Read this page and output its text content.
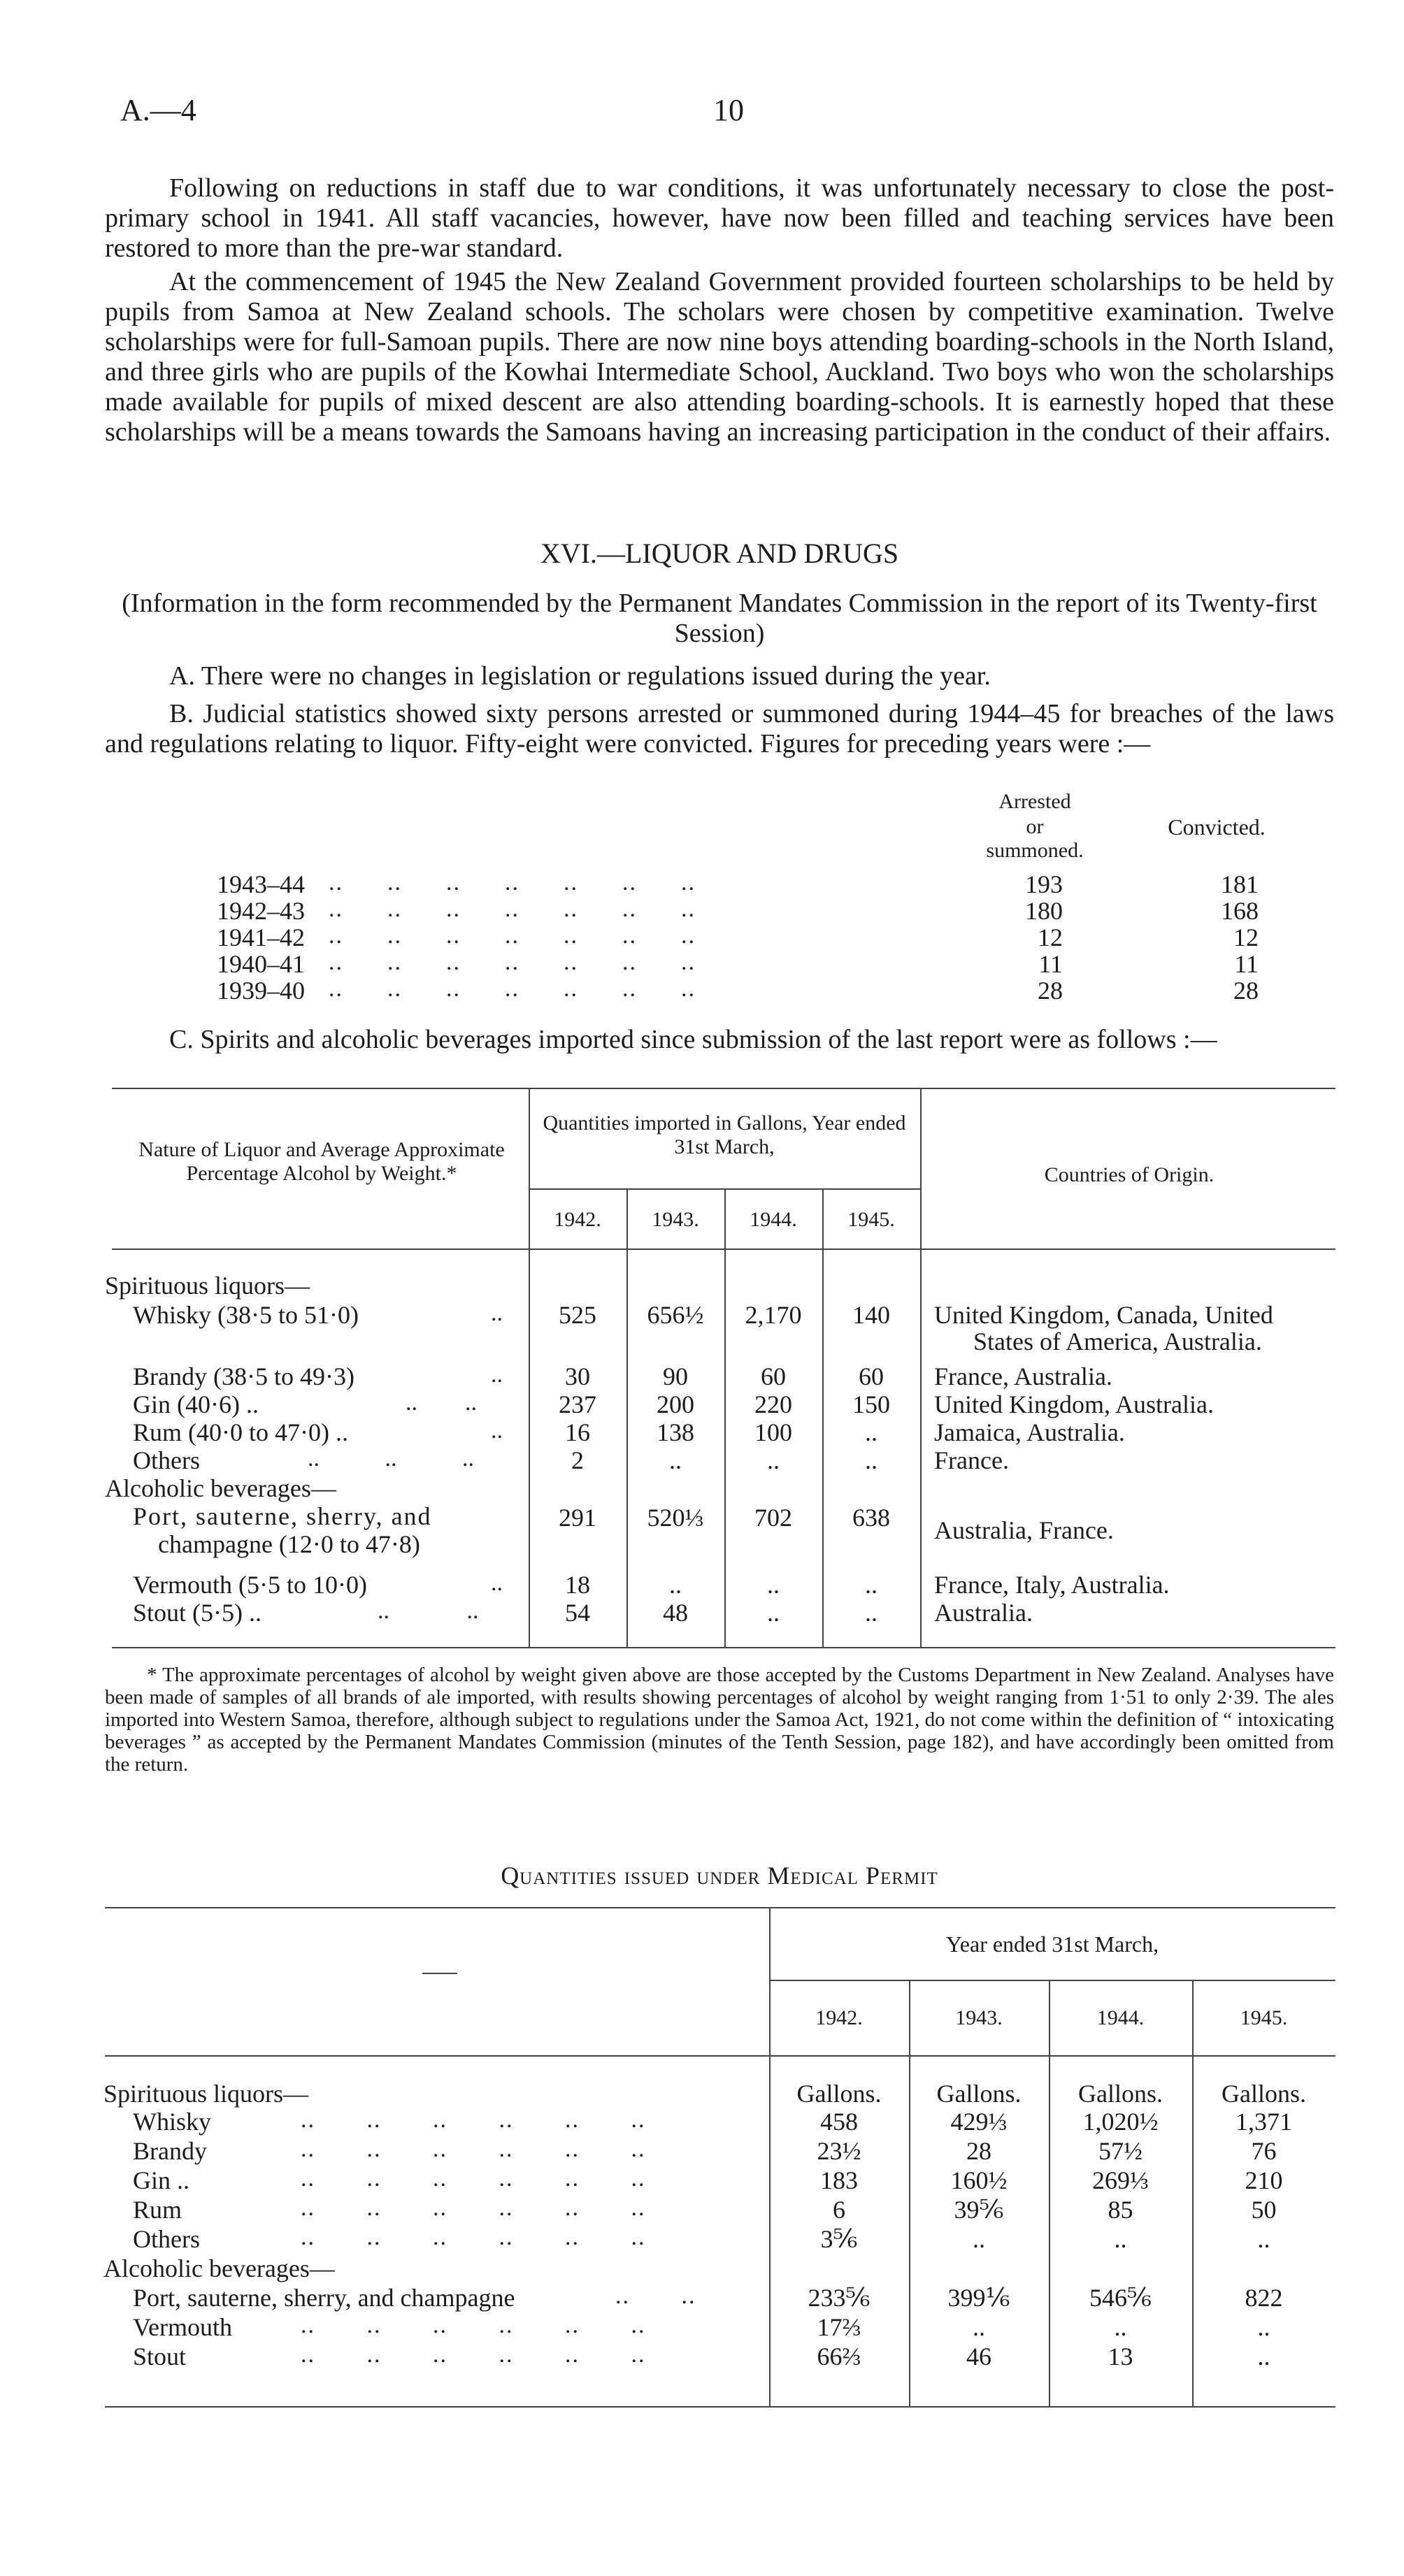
A.—4	10

Following on reductions in staff due to war conditions, it was unfortunately necessary to close the post-primary school in 1941. All staff vacancies, however, have now been filled and teaching services have been restored to more than the pre-war standard.

At the commencement of 1945 the New Zealand Government provided fourteen scholarships to be held by pupils from Samoa at New Zealand schools. The scholars were chosen by competitive examination. Twelve scholarships were for full-Samoan pupils. There are now nine boys attending boarding-schools in the North Island, and three girls who are pupils of the Kowhai Intermediate School, Auckland. Two boys who won the scholarships made available for pupils of mixed descent are also attending boarding-schools. It is earnestly hoped that these scholarships will be a means towards the Samoans having an increasing participation in the conduct of their affairs.

XVI.—LIQUOR AND DRUGS

(Information in the form recommended by the Permanent Mandates Commission in the report of its Twenty-first Session)

A. There were no changes in legislation or regulations issued during the year.

B. Judicial statistics showed sixty persons arrested or summoned during 1944–45 for breaches of the laws and regulations relating to liquor. Fifty-eight were convicted. Figures for preceding years were :—

Arrested
or
summoned.
Convicted.
1943–44 ..      ..      ..      ..      ..      ..      ..	193	181
1942–43 ..      ..      ..      ..      ..      ..      ..	180	168
1941–42 ..      ..      ..      ..      ..      ..      ..	12	12
1940–41 ..      ..      ..      ..      ..      ..      ..	11	11
1939–40 ..      ..      ..      ..      ..      ..      ..	28	28

C. Spirits and alcoholic beverages imported since submission of the last report were as follows :—

Nature of Liquor and Average Approximate Percentage Alcohol by Weight.*
Quantities imported in Gallons, Year ended 31st March,
Countries of Origin.
1942.	1943.	1944.	1945.
Spirituous liquors—
Whisky (38·5 to 51·0)	..	525	656½	2,170	140	United Kingdom, Canada, United
States of America, Australia.
Brandy (38·5 to 49·3)	..	30	90	60	60	France, Australia.
Gin (40·6) ..	..        ..	237	200	220	150	United Kingdom, Australia.
Rum (40·0 to 47·0) ..	..	16	138	100	..	Jamaica, Australia.
Others	..           ..           ..	2	..	..	..	France.
Alcoholic beverages—
Port, sauterne, sherry, and
champagne (12·0 to 47·8)
291	520⅓	702	638	Australia, France.
Vermouth (5·5 to 10·0)	..	18	..	..	..	France, Italy, Australia.
Stout (5·5) ..	..             ..	54	48	..	..	Australia.

* The approximate percentages of alcohol by weight given above are those accepted by the Customs Department in New Zealand. Analyses have been made of samples of all brands of ale imported, with results showing percentages of alcohol by weight ranging from 1·51 to only 2·39. The ales imported into Western Samoa, therefore, although subject to regulations under the Samoa Act, 1921, do not come within the definition of “ intoxicating beverages ” as accepted by the Permanent Mandates Commission (minutes of the Tenth Session, page 182), and have accordingly been omitted from the return.

Quantities issued under Medical Permit
Year ended 31st March,
1942.	1943.	1944.	1945.
Spirituous liquors—	Gallons.	Gallons.	Gallons.	Gallons.
Whisky	..       ..       ..       ..       ..       ..	458	429⅓	1,020½	1,371
Brandy	..       ..       ..       ..       ..       ..	23½	28	57½	76
Gin ..	..       ..       ..       ..       ..       ..	183	160½	269⅓	210
Rum	..       ..       ..       ..       ..       ..	6	39⅚	85	50
Others	..       ..       ..       ..       ..       ..	3⅚	..	..	..
Alcoholic beverages—
Port, sauterne, sherry, and champagne	..       ..	233⅚	399⅙	546⅚	822
Vermouth	..       ..       ..       ..       ..       ..	17⅔	..	..	..
Stout	..       ..       ..       ..       ..       ..	66⅔	46	13	..
